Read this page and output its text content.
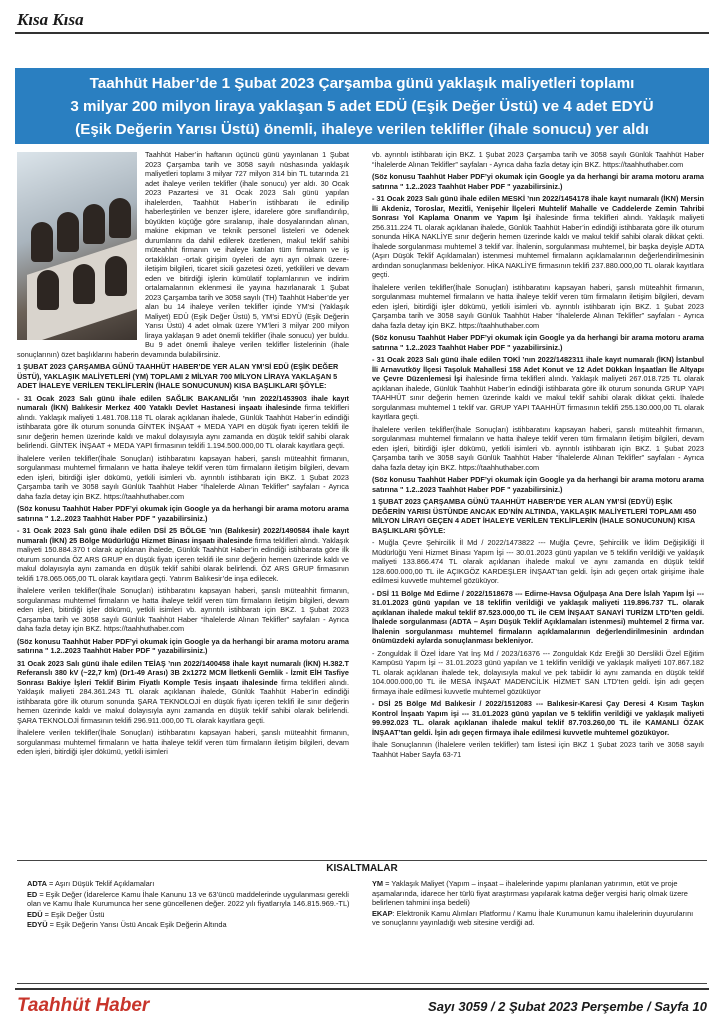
Kısa Kısa
Taahhüt Haber’de 1 Şubat 2023 Çarşamba günü yaklaşık maliyetleri toplamı
3 milyar 200 milyon liraya yaklaşan 5 adet EDÜ (Eşik Değer Üstü) ve 4 adet EDYÜ
(Eşik Değerin Yarısı Üstü) önemli, ihaleye verilen teklifler (ihale sonucu) yer aldı

Taahhüt Haber’in haftanın üçüncü günü yayınlanan 1 Şubat 2023 Çarşamba tarih ve 3058 sayılı nüshasında yaklaşık maliyetleri toplamı 3 milyar 727 milyon 314 bin TL tutarında 21 adet ihaleye verilen teklifler (ihale sonucu) yer aldı. 30 Ocak 2023 Pazartesi ve 31 Ocak 2023 Salı günü yapılan ihalelerden, Taahhüt Haber’in istihbaratı ile edinilip haberleştirilen ve benzer işlere, idarelere göre sınıflandırılıp, büyükten küçüğe göre sıralanıp, ihale dosyalarından alınan, makine ekipman ve teknik personel listeleri ve ödenek durumlarını da dahil edilerek özetlenen, makul teklif sahibi müteahhit firmanın ve ihaleye katılan tüm firmaların ve iş ortaklıkları -ortak girişim üyeleri de ayrı ayrı olmak üzere- iletişim bilgileri, ticaret sicili gazetesi özeti, yetkilileri ve devam eden ve bitirdiği işlerin kümülatif toplamlarının ve indirim ortalamalarının eklenmesi ile yayına hazırlanarak 1 Şubat 2023 Çarşamba tarih ve 3058 sayılı (TH) Taahhüt Haber’de yer alan bu 14 ihaleye verilen teklifler içinde YM’si (Yaklaşık Maliyet) EDÜ (Eşik Değer Üstü) 5, YM’si EDYÜ (Eşik Değerin Yarısı Üstü) 4 adet olmak üzere YM’leri 3 milyar 200 milyon liraya yaklaşan 9 adet önemli teklifler (ihale sonucu) yer buldu. Bu 9 adet önemli ihaleye verilen teklifler listelerinin (ihale sonuçlarının) özet başlıklarını haberin devamında bulabilirsiniz.

1 ŞUBAT 2023 ÇARŞAMBA GÜNÜ TAAHHÜT HABER’DE YER ALAN YM’Sİ EDÜ (EŞİK DEĞER ÜSTÜ), YAKLAŞIK MALİYETLERİ (YM) TOPLAMI 2 MİLYAR 700 MİLYON LİRAYA YAKLAŞAN 5 ADET İHALEYE VERİLEN TEKLİFLERİN (İHALE SONUCUNUN) KISA BAŞLIKLARI ŞÖYLE:

- 31 Ocak 2023 Salı günü ihale edilen SAĞLIK BAKANLIĞI ’nın 2022/1453903 ihale kayıt numaralı (İKN) Balıkesir Merkez 400 Yataklı Devlet Hastanesi inşaatı ihalesinde firma teklifleri alındı. Yaklaşık maliyeti 1.481.708.118 TL olarak açıklanan ihalede, Günlük Taahhüt Haber’in edindiği istihbarata göre ilk oturum sonunda GİNTEK İNŞAAT + MEDA YAPI en düşük fiyatı içeren teklifi ile sınır değerin hemen üzerinde kaldı ve makul dolayısıyla aynı zamanda en düşük teklif sahibi olarak belirlendi. GİNTEK İNŞAAT + MEDA YAPI firmasının teklifi 1.194.500.000,00 TL olarak kayıtlara geçti.

İhalelere verilen teklifler(İhale Sonuçları) istihbaratını kapsayan haberi, şanslı müteahhit firmanın, sorgulanması muhtemel firmaların ve hatta ihaleye teklif veren tüm firmaların iletişim bilgileri, devam eden işleri, bitirdiği işler dökümü, yetkili isimleri vb. ayrıntılı istihbaratı için BKZ. 1 Şubat 2023 Çarşamba tarih ve 3058 sayılı Günlük Taahhüt Haber “İhalelerde Alınan Teklifler” sayfaları - Ayrıca daha fazla detay için BKZ. https://taahhuthaber.com

(Söz konusu Taahhüt Haber PDF’yi okumak için Google ya da herhangi bir arama motoru arama satırına " 1.2..2023 Taahhüt Haber PDF " yazabilirsiniz.)

- 31 Ocak 2023 Salı günü ihale edilen DSİ 25 BÖLGE ’nın (Balıkesir) 2022/1490584 ihale kayıt numaralı (İKN) 25 Bölge Müdürlüğü Hizmet Binası inşaatı ihalesinde firma teklifleri alındı. Yaklaşık maliyeti 150.884.370 t olarak açıklanan ihalede, Günlük Taahhüt Haber’in edindiği istihbarata göre ilk oturum sonunda ÖZ ARS GRUP en düşük fiyatı içeren teklifi ile sınır değerin hemen üzerinde kaldı ve makul dolayısıyla aynı zamanda en düşük teklif sahibi olarak belirlendi. ÖZ ARS GRUP firmasının teklifi 178.065.065,00 TL olarak kayıtlara geçti. Yatırım Balıkesir’de inşa edilecek.

İhalelere verilen teklifler(İhale Sonuçları) istihbaratını kapsayan haberi, şanslı müteahhit firmanın, sorgulanması muhtemel firmaların ve hatta ihaleye teklif veren tüm firmaların iletişim bilgileri, devam eden işleri, bitirdiği işler dökümü, yetkili isimleri vb. ayrıntılı istihbaratı için BKZ. 1 Şubat 2023 Çarşamba tarih ve 3058 sayılı Günlük Taahhüt Haber “İhalelerde Alınan Teklifler” sayfaları - Ayrıca daha fazla detay için BKZ. https://taahhuthaber.com

(Söz konusu Taahhüt Haber PDF’yi okumak için Google ya da herhangi bir arama motoru arama satırına " 1.2..2023 Taahhüt Haber PDF " yazabilirsiniz.)

31 Ocak 2023 Salı günü ihale edilen TEİAŞ ’nın 2022/1400458 ihale kayıt numaralı (İKN) H.382.T Referanslı 380 kV (~22,7 km) (Dr1-49 Arası) 3B 2x1272 MCM İletkenli Gemlik - İzmit EİH Tasfiye Sonrası Bakiye İşleri Teklif Birim Fiyatlı Komple Tesis inşaatı ihalesinde firma teklifleri alındı. Yaklaşık maliyeti 284.361.243 TL olarak açıklanan ihalede, Günlük Taahhüt Haber’in edindiği istihbarata göre ilk oturum sonunda ŞARA TEKNOLOJİ en düşük fiyatı içeren teklifi ile sınır değerin hemen üzerinde kaldı ve makul dolayısıyla aynı zamanda en düşük teklif sahibi olarak belirlendi. ŞARA TEKNOLOJİ firmasının teklifi 296.911.000,00 TL olarak kayıtlara geçti.

İhalelere verilen teklifler(İhale Sonuçları) istihbaratını kapsayan haberi, şanslı müteahhit firmanın, sorgulanması muhtemel firmaların ve hatta ihaleye teklif veren tüm firmaların iletişim bilgileri, devam eden işleri, bitirdiği işler dökümü, yetkili isimleri

vb. ayrıntılı istihbaratı için BKZ. 1 Şubat 2023 Çarşamba tarih ve 3058 sayılı Günlük Taahhüt Haber “İhalelerde Alınan Teklifler” sayfaları - Ayrıca daha fazla detay için BKZ. https://taahhuthaber.com

(Söz konusu Taahhüt Haber PDF’yi okumak için Google ya da herhangi bir arama motoru arama satırına " 1.2..2023 Taahhüt Haber PDF " yazabilirsiniz.)

- 31 Ocak 2023 Salı günü ihale edilen MESKİ ’nın 2022/1454178 ihale kayıt numaralı (İKN) Mersin İli Akdeniz, Toroslar, Mezitli, Yenişehir İlçeleri Muhtelif Mahalle ve Caddelerde Zemin Tahribi Sonrası Yol Kaplama Onarım ve Yapım İşi ihalesinde firma teklifleri alındı. Yaklaşık maliyeti 256.311.224 TL olarak açıklanan ihalede, Günlük Taahhüt Haber’in edindiği istihbarata göre ilk oturum sonunda HİKA NAKLİYE sınır değerin hemen üzerinde kaldı ve makul teklif sahibi olarak dikkat çekti. İhalede sorgulanması muhtemel 3 teklif var. İhalenin, sorgulanması muhtemel, bir başka deyişle ADTA (Aşırı Düşük Teklif Açıklamaları) istenmesi muhtemel firmaların açıklamalarının değerlendirilmesinin ardından sonuçlanması bekleniyor. HİKA NAKLİYE firmasının teklifi 237.880.000,00 TL olarak kayıtlara geçti.

İhalelere verilen teklifler(İhale Sonuçları) istihbaratını kapsayan haberi, şanslı müteahhit firmanın, sorgulanması muhtemel firmaların ve hatta ihaleye teklif veren tüm firmaların iletişim bilgileri, devam eden işleri, bitirdiği işler dökümü, yetkili isimleri vb. ayrıntılı istihbaratı için BKZ. 1 Şubat 2023 Çarşamba tarih ve 3058 sayılı Günlük Taahhüt Haber “İhalelerde Alınan Teklifler” sayfaları - Ayrıca daha fazla detay için BKZ. https://taahhuthaber.com

(Söz konusu Taahhüt Haber PDF’yi okumak için Google ya da herhangi bir arama motoru arama satırına " 1.2..2023 Taahhüt Haber PDF " yazabilirsiniz.)

- 31 Ocak 2023 Salı günü ihale edilen TOKİ ’nın 2022/1482311 ihale kayıt numaralı (İKN) İstanbul İli Arnavutköy İlçesi Taşoluk Mahallesi 158 Adet Konut ve 12 Adet Dükkan İnşaatları İle Altyapı ve Çevre Düzenlemesi İşi ihalesinde firma teklifleri alındı. Yaklaşık maliyeti 267.018.725 TL olarak açıklanan ihalede, Günlük Taahhüt Haber’in edindiği istihbarata göre ilk oturum sonunda GRUP YAPI TAAHHÜT sınır değerin hemen üzerinde kaldı ve makul teklif sahibi olarak dikkat çekti. İhalede sorgulanması muhtemel 1 teklif var. GRUP YAPI TAAHHÜT firmasının teklifi 255.130.000,00 TL olarak kayıtlara geçti.

İhalelere verilen teklifler(İhale Sonuçları) istihbaratını kapsayan haberi, şanslı müteahhit firmanın, sorgulanması muhtemel firmaların ve hatta ihaleye teklif veren tüm firmaların iletişim bilgileri, devam eden işleri, bitirdiği işler dökümü, yetkili isimleri vb. ayrıntılı istihbaratı için BKZ. 1 Şubat 2023 Çarşamba tarih ve 3058 sayılı Günlük Taahhüt Haber “İhalelerde Alınan Teklifler” sayfaları - Ayrıca daha fazla detay için BKZ. https://taahhuthaber.com

(Söz konusu Taahhüt Haber PDF’yi okumak için Google ya da herhangi bir arama motoru arama satırına " 1.2..2023 Taahhüt Haber PDF " yazabilirsiniz.)

1 ŞUBAT 2023 ÇARŞAMBA GÜNÜ TAAHHÜT HABER’DE YER ALAN YM’Sİ (EDYÜ) EŞİK DEĞERİN YARISI ÜSTÜNDE ANCAK ED’NİN ALTINDA, YAKLAŞIK MALİYETLERİ TOPLAMI 450 MİLYON LİRAYI GEÇEN 4 ADET İHALEYE VERİLEN TEKLİFLERİN (İHALE SONUCUNUN) KISA BAŞLIKLARI ŞÖYLE:

- Muğla Çevre Şehircilik İl Md / 2022/1473822 --- Muğla Çevre, Şehircilik ve İklim Değişikliği İl Müdürlüğü Yeni Hizmet Binası Yapım İşi --- 30.01.2023 günü yapılan ve 5 teklifin verildiği ve yaklaşık maliyeti 133.866.474 TL olarak açıklanan ihalede makul ve aynı zamanda en düşük teklif 128.600.000,00 TL ile AÇIKGÖZ KARDEŞLER İNŞAAT’tan geldi. İşin adı geçen ortak girişime ihale edilmesi kuvvetle muhtemel gözüküyor.

- DSİ 11 Bölge Md Edirne / 2022/1518678 --- Edirne-Havsa Oğulpaşa Ana Dere İslah Yapım İşi --- 31.01.2023 günü yapılan ve 18 teklifin verildiği ve yaklaşık maliyeti 119.896.737 TL. olarak açıklanan ihalede makul teklif 87.523.000,00 TL ile CEM İNŞAAT SANAYİ TURİZM LTD’ten geldi. İhalede sorgulanması (ADTA – Aşırı Düşük Teklif Açıklamaları istenmesi) muhtemel 2 firma var. İhalenin sorgulanması muhtemel firmaların açıklamalarının değerlendirilmesinin ardından önümüzdeki aylarda sonuçlanması bekleniyor.

- Zonguldak İl Özel İdare Yat İnş Md / 2023/16376 --- Zonguldak Kdz Ereğli 30 Derslikli Özel Eğitim Kampüsü Yapım İşi -- 31.01.2023 günü yapılan ve 1 teklifin verildiği ve yaklaşık maliyeti 107.867.182 TL olarak açıklanan ihalede tek, dolayısıyla makul ve pek tabiidir ki aynı zamanda en düşük teklif 104.000.000,00 TL ile MESA İNŞAAT MADENCİLİK HİZMET SAN LTD’ten geldi. İşin adı geçen firmaya ihale edilmesi kuvvetle muhtemel gözüküyor

- DSİ 25 Bölge Md Balıkesir / 2022/1512083 --- Balıkesir-Karesi Çay Deresi 4 Kısım Taşkın Kontrol İnşaatı Yapım işi --- 31.01.2023 günü yapılan ve 5 teklifin verildiği ve yaklaşık maliyeti 99.992.023 TL. olarak açıklanan ihalede makul teklif 87.703.260,00 TL ile KAMANLI ÖZAK İNŞAAT’tan geldi. İşin adı geçen firmaya ihale edilmesi kuvvetle muhtemel gözüküyor.

İhale Sonuçlarının (İhalelere verilen teklifler) tam listesi için BKZ 1 Şubat 2023 tarih ve 3058 sayılı Taahhüt Haber Sayfa 63-71

KISALTMALAR
ADTA = Aşırı Düşük Teklif Açıklamaları
ED = Eşik Değer (İdarelerce Kamu İhale Kanunu 13 ve 63’üncü maddelerinde uygulanması gerekli olan ve Kamu İhale Kurumunca her sene güncellenen değer. 2022 yılı fiyatlarıyla 146.815.969.-TL)
EDÜ = Eşik Değer Üstü
EDYÜ = Eşik Değerin Yarısı Üstü Ancak Eşik Değerin Altında
YM = Yaklaşık Maliyet (Yapım – inşaat – ihalelerinde yapımı planlanan yatırımın, etüt ve proje aşamalarında, idarece her türlü fiyat araştırması yapılarak katma değer vergisi hariç olmak üzere belirlenen tahmini inşa bedeli)
EKAP: Elektronik Kamu Alımları Platformu / Kamu İhale Kurumunun kamu ihalelerinin duyurularını ve sonuçlarını yayınladığı web sitesine verdiği ad.
Taahhüt Haber	Sayı 3059 / 2 Şubat 2023 Perşembe / Sayfa 10
